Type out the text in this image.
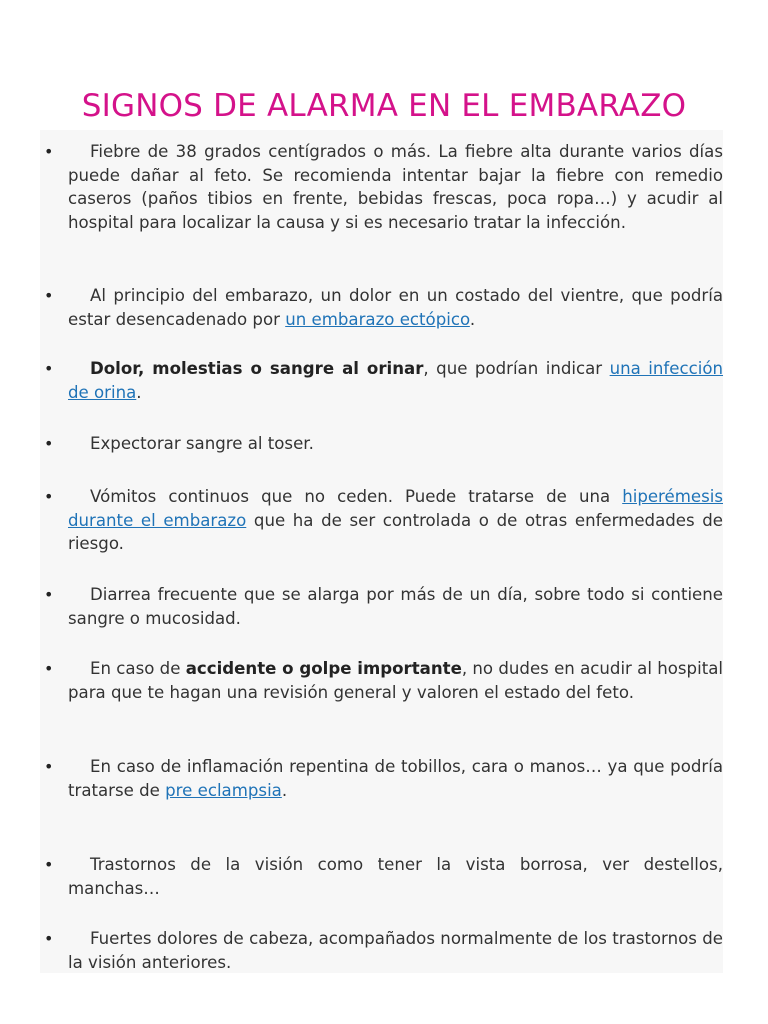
SIGNOS DE ALARMA EN EL EMBARAZO
•	Fiebre de 38 grados centígrados o más. La fiebre alta durante varios días puede dañar al feto. Se recomienda intentar bajar la fiebre con remedio caseros (paños tibios en frente, bebidas frescas, poca ropa…) y acudir al hospital para localizar la causa y si es necesario tratar la infección.
•	Al principio del embarazo, un dolor en un costado del vientre, que podría estar desencadenado por un embarazo ectópico.
•	Dolor, molestias o sangre al orinar, que podrían indicar una infección de orina.
•	Expectorar sangre al toser.
•	Vómitos continuos que no ceden. Puede tratarse de una hiperémesis durante el embarazo que ha de ser controlada o de otras enfermedades de riesgo.
•	Diarrea frecuente que se alarga por más de un día, sobre todo si contiene sangre o mucosidad.
•	En caso de accidente o golpe importante, no dudes en acudir al hospital para que te hagan una revisión general y valoren el estado del feto.
•	En caso de inflamación repentina de tobillos, cara o manos… ya que podría tratarse de pre eclampsia.
•	Trastornos de la visión como tener la vista borrosa, ver destellos, manchas…
•	Fuertes dolores de cabeza, acompañados normalmente de los trastornos de la visión anteriores.
